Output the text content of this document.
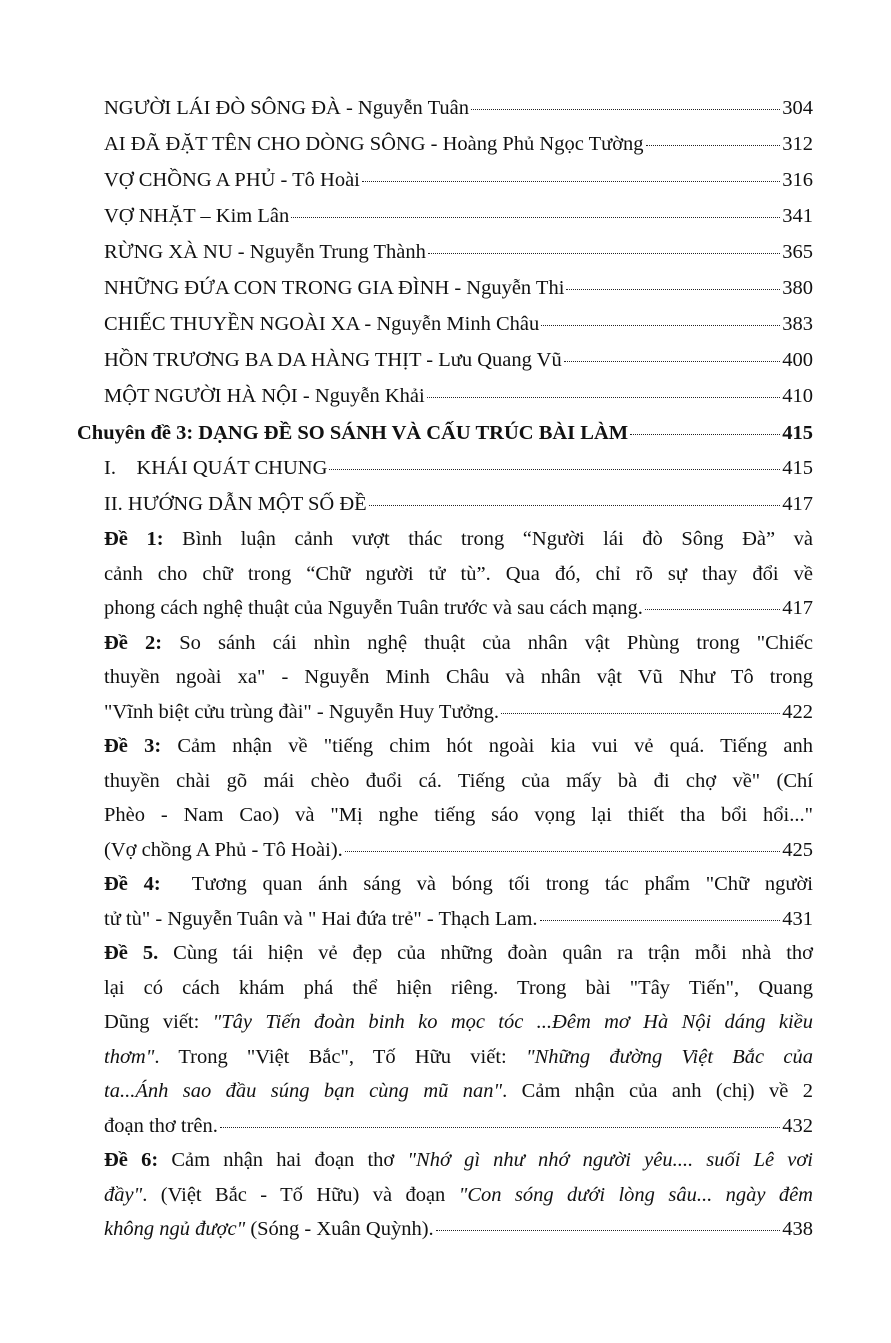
NGƯỜI LÁI ĐÒ SÔNG ĐÀ - Nguyễn Tuân	304
AI ĐÃ ĐẶT TÊN CHO DÒNG SÔNG - Hoàng Phủ Ngọc Tường	312
VỢ CHỒNG A PHỦ - Tô Hoài	316
VỢ NHẶT – Kim Lân	341
RỪNG XÀ NU - Nguyễn Trung Thành	365
NHỮNG ĐỨA CON TRONG GIA ĐÌNH - Nguyễn Thi	380
CHIẾC THUYỀN NGOÀI XA - Nguyễn Minh Châu	383
HỒN TRƯƠNG BA DA HÀNG THỊT - Lưu Quang Vũ	400
MỘT NGƯỜI HÀ NỘI - Nguyễn Khải	410
Chuyên đề 3: DẠNG ĐỀ SO SÁNH VÀ CẤU TRÚC BÀI LÀM	415
I.    KHÁI QUÁT CHUNG	415
II. HƯỚNG DẪN MỘT SỐ ĐỀ	417
Đề 1: Bình luận cảnh vượt thác trong “Người lái đò Sông Đà” và
cảnh cho chữ trong “Chữ người tử tù”. Qua đó, chỉ rõ sự thay đổi về
phong cách nghệ thuật của Nguyễn Tuân trước và sau cách mạng.	417
Đề 2: So sánh cái nhìn nghệ thuật của nhân vật Phùng trong "Chiếc
thuyền ngoài xa" - Nguyễn Minh Châu và nhân vật Vũ Như Tô trong
"Vĩnh biệt cửu trùng đài" - Nguyễn Huy Tưởng.	422
Đề 3: Cảm nhận về "tiếng chim hót ngoài kia vui vẻ quá. Tiếng anh
thuyền chài gõ mái chèo đuổi cá. Tiếng của mấy bà đi chợ về" (Chí
Phèo - Nam Cao) và "Mị nghe tiếng sáo vọng lại thiết tha bổi hổi..."
(Vợ chồng A Phủ - Tô Hoài).	425
Đề 4:  Tương quan ánh sáng và bóng tối trong tác phẩm "Chữ người
tử tù" - Nguyễn Tuân và " Hai đứa trẻ" - Thạch Lam.	431
Đề 5. Cùng tái hiện vẻ đẹp của những đoàn quân ra trận mỗi nhà thơ
lại có cách khám phá thể hiện riêng. Trong bài "Tây Tiến", Quang
Dũng viết: "Tây Tiến đoàn binh ko mọc tóc ...Đêm mơ Hà Nội dáng kiều
thơm". Trong "Việt Bắc", Tố Hữu viết: "Những đường Việt Bắc của
ta...Ánh sao đầu súng bạn cùng mũ nan". Cảm nhận của anh (chị) về 2
đoạn thơ trên.	432
Đề 6: Cảm nhận hai đoạn thơ "Nhớ gì như nhớ người yêu.... suối Lê vơi
đầy". (Việt Bắc - Tố Hữu) và đoạn "Con sóng dưới lòng sâu... ngày đêm
không ngủ được" (Sóng - Xuân Quỳnh).	438
